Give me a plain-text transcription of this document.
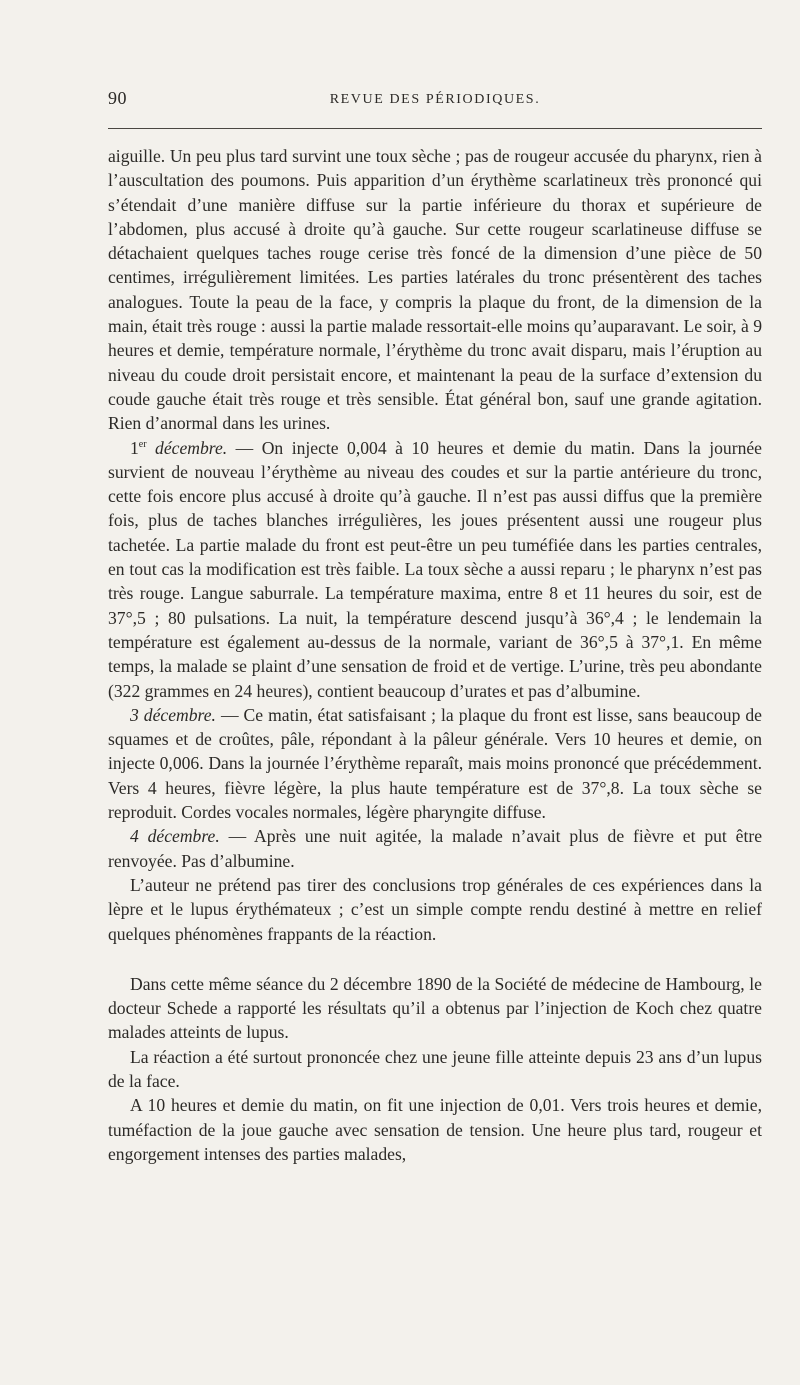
90	REVUE DES PÉRIODIQUES.

aiguille. Un peu plus tard survint une toux sèche ; pas de rougeur accusée du pharynx, rien à l’auscultation des poumons. Puis apparition d’un érythème scarlatineux très prononcé qui s’étendait d’une manière diffuse sur la partie inférieure du thorax et supérieure de l’abdomen, plus accusé à droite qu’à gauche. Sur cette rougeur scarlatineuse diffuse se détachaient quelques taches rouge cerise très foncé de la dimension d’une pièce de 50 centimes, irrégulièrement limitées. Les parties latérales du tronc présentèrent des taches analogues. Toute la peau de la face, y compris la plaque du front, de la dimension de la main, était très rouge : aussi la partie malade ressortait-elle moins qu’auparavant. Le soir, à 9 heures et demie, température normale, l’érythème du tronc avait disparu, mais l’éruption au niveau du coude droit persistait encore, et maintenant la peau de la surface d’extension du coude gauche était très rouge et très sensible. État général bon, sauf une grande agitation. Rien d’anormal dans les urines.

1er décembre. — On injecte 0,004 à 10 heures et demie du matin. Dans la journée survient de nouveau l’érythème au niveau des coudes et sur la partie antérieure du tronc, cette fois encore plus accusé à droite qu’à gauche. Il n’est pas aussi diffus que la première fois, plus de taches blanches irrégulières, les joues présentent aussi une rougeur plus tachetée. La partie malade du front est peut-être un peu tuméfiée dans les parties centrales, en tout cas la modification est très faible. La toux sèche a aussi reparu ; le pharynx n’est pas très rouge. Langue saburrale. La température maxima, entre 8 et 11 heures du soir, est de 37°,5 ; 80 pulsations. La nuit, la température descend jusqu’à 36°,4 ; le lendemain la température est également au-dessus de la normale, variant de 36°,5 à 37°,1. En même temps, la malade se plaint d’une sensation de froid et de vertige. L’urine, très peu abondante (322 grammes en 24 heures), contient beaucoup d’urates et pas d’albumine.

3 décembre. — Ce matin, état satisfaisant ; la plaque du front est lisse, sans beaucoup de squames et de croûtes, pâle, répondant à la pâleur générale. Vers 10 heures et demie, on injecte 0,006. Dans la journée l’érythème reparaît, mais moins prononcé que précédemment. Vers 4 heures, fièvre légère, la plus haute température est de 37°,8. La toux sèche se reproduit. Cordes vocales normales, légère pharyngite diffuse.

4 décembre. — Après une nuit agitée, la malade n’avait plus de fièvre et put être renvoyée. Pas d’albumine.

L’auteur ne prétend pas tirer des conclusions trop générales de ces expériences dans la lèpre et le lupus érythémateux ; c’est un simple compte rendu destiné à mettre en relief quelques phénomènes frappants de la réaction.

Dans cette même séance du 2 décembre 1890 de la Société de médecine de Hambourg, le docteur Schede a rapporté les résultats qu’il a obtenus par l’injection de Koch chez quatre malades atteints de lupus.

La réaction a été surtout prononcée chez une jeune fille atteinte depuis 23 ans d’un lupus de la face.

A 10 heures et demie du matin, on fit une injection de 0,01. Vers trois heures et demie, tuméfaction de la joue gauche avec sensation de tension. Une heure plus tard, rougeur et engorgement intenses des parties malades,
